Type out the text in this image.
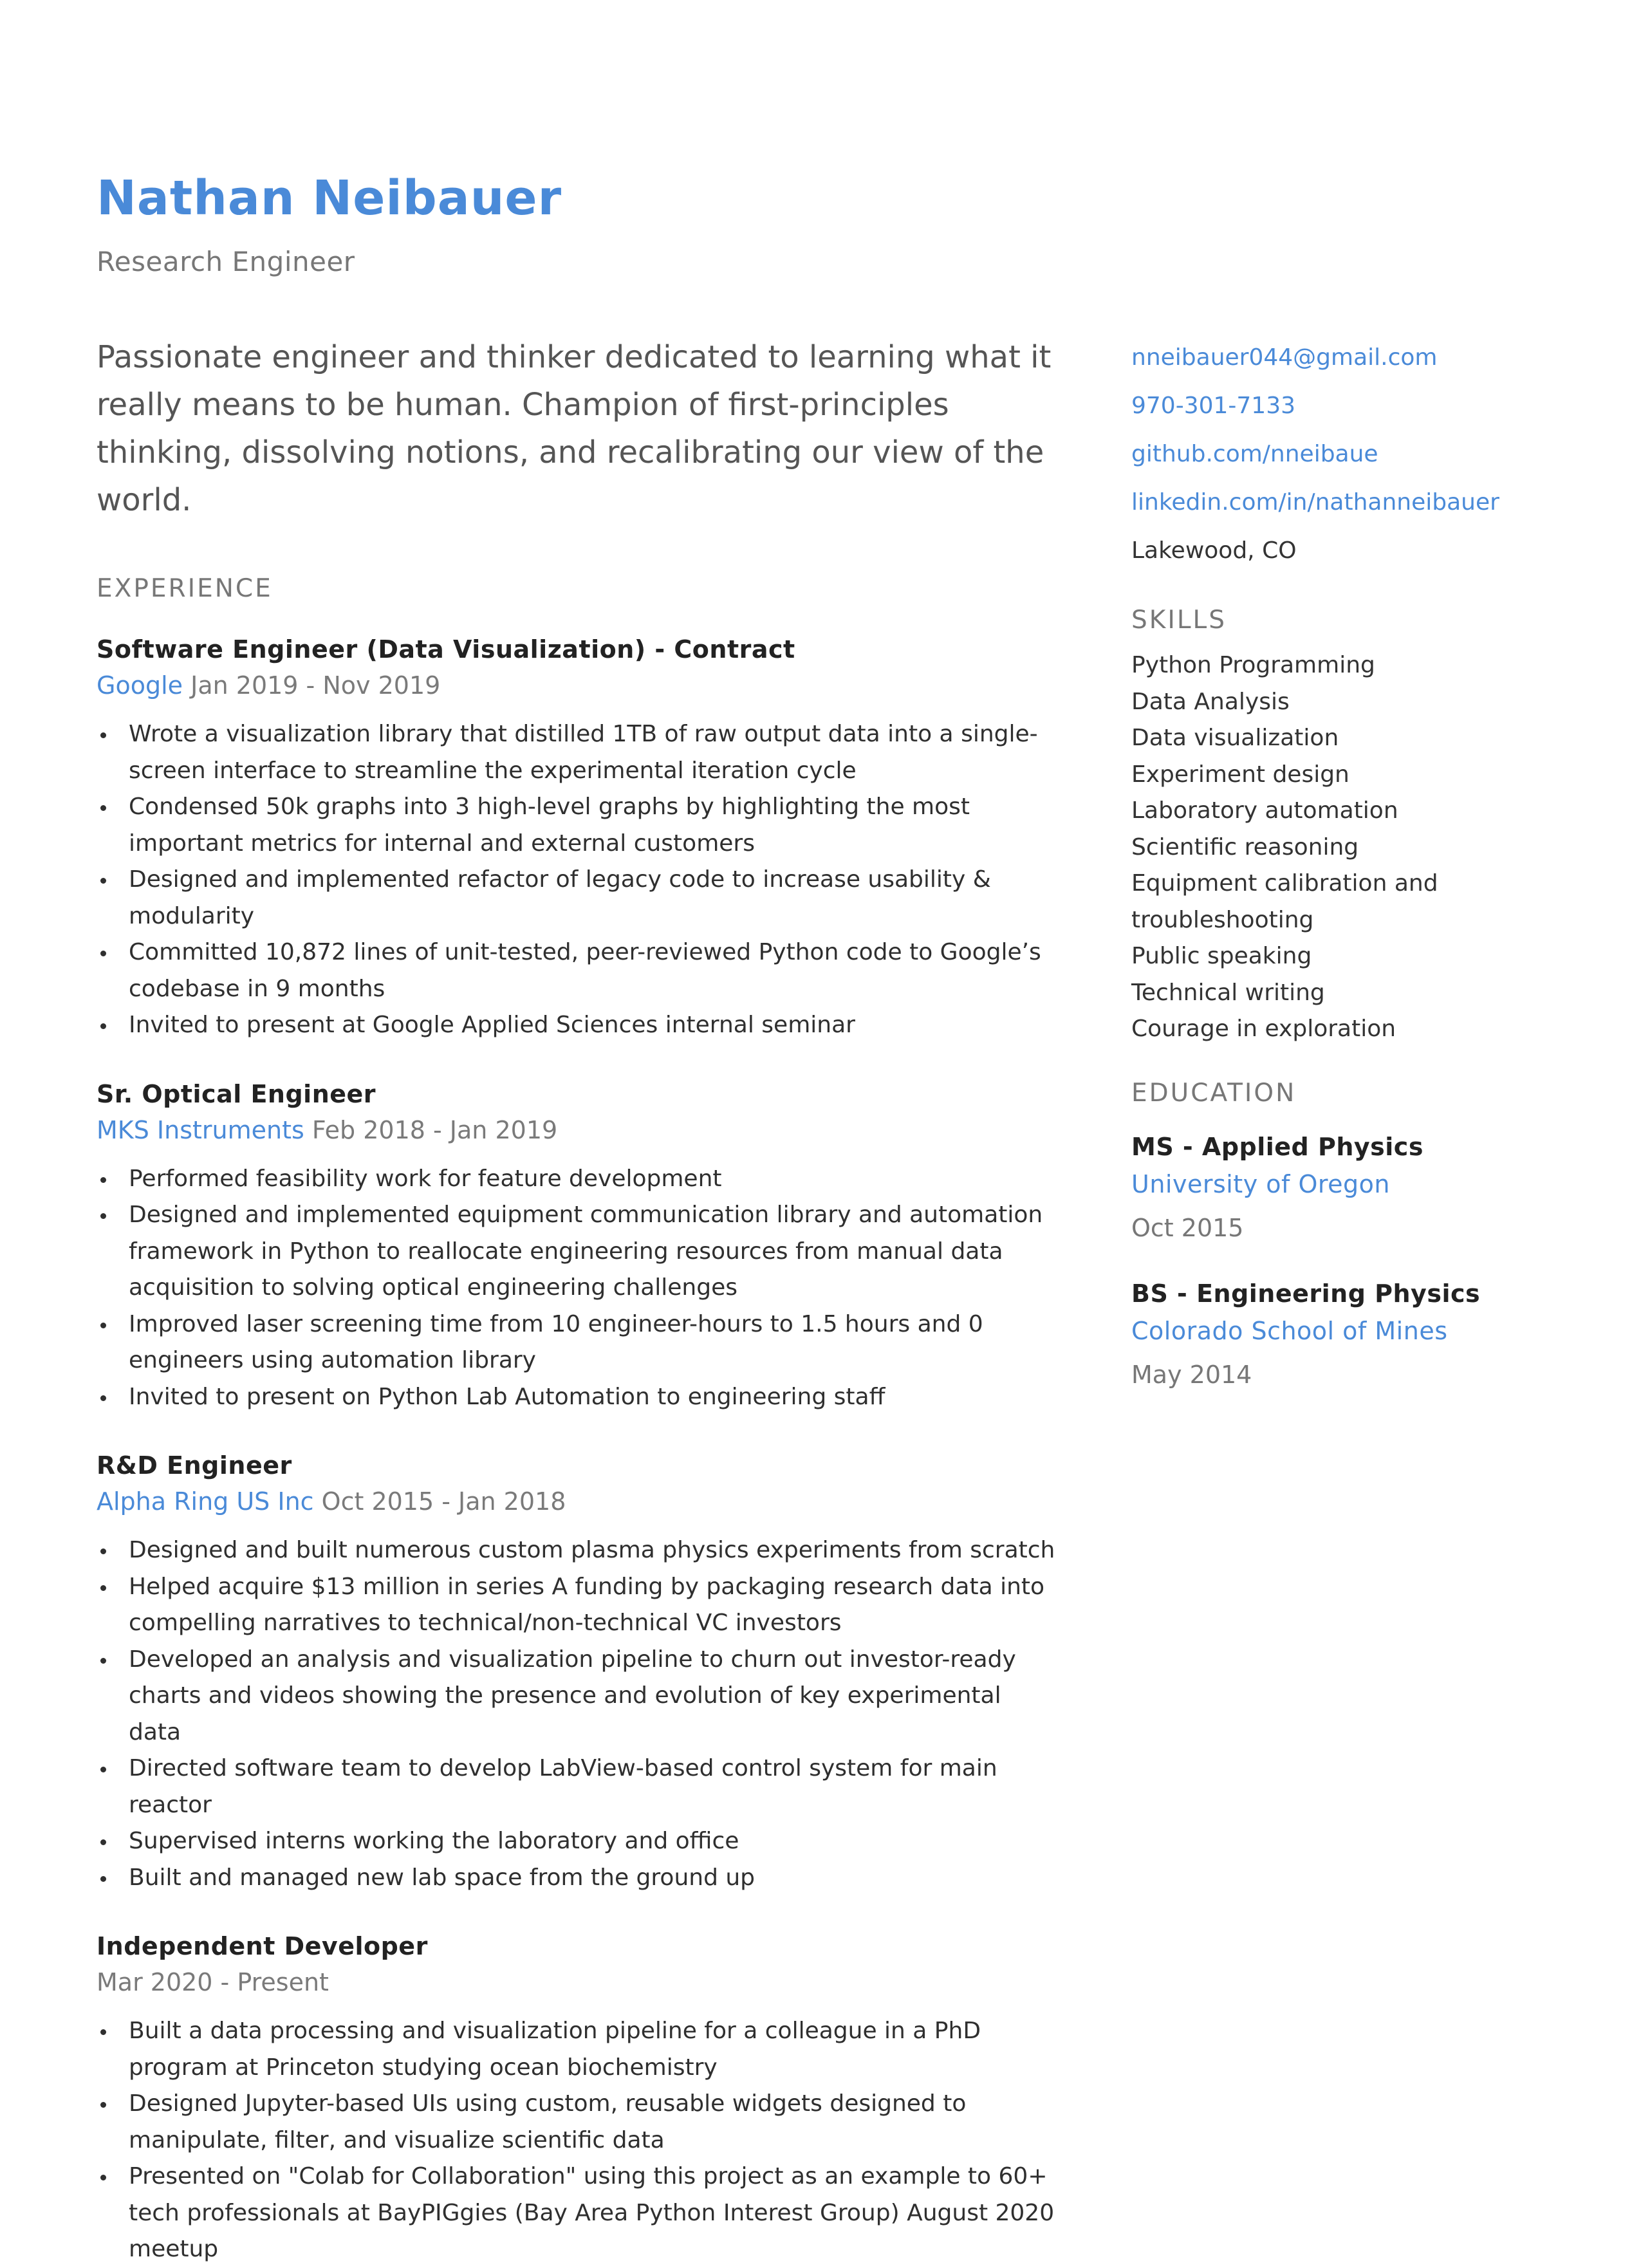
Nathan Neibauer
Research Engineer

Passionate engineer and thinker dedicated to learning what it really means to be human. Champion of first-principles thinking, dissolving notions, and recalibrating our view of the world.

EXPERIENCE
Software Engineer (Data Visualization) - Contract
Google Jan 2019 - Nov 2019
Wrote a visualization library that distilled 1TB of raw output data into a single-screen interface to streamline the experimental iteration cycle
Condensed 50k graphs into 3 high-level graphs by highlighting the most important metrics for internal and external customers
Designed and implemented refactor of legacy code to increase usability & modularity
Committed 10,872 lines of unit-tested, peer-reviewed Python code to Google’s codebase in 9 months
Invited to present at Google Applied Sciences internal seminar
Sr. Optical Engineer
MKS Instruments Feb 2018 - Jan 2019
Performed feasibility work for feature development
Designed and implemented equipment communication library and automation framework in Python to reallocate engineering resources from manual data acquisition to solving optical engineering challenges
Improved laser screening time from 10 engineer-hours to 1.5 hours and 0 engineers using automation library
Invited to present on Python Lab Automation to engineering staff
R&D Engineer
Alpha Ring US Inc Oct 2015 - Jan 2018
Designed and built numerous custom plasma physics experiments from scratch
Helped acquire $13 million in series A funding by packaging research data into compelling narratives to technical/non-technical VC investors
Developed an analysis and visualization pipeline to churn out investor-ready charts and videos showing the presence and evolution of key experimental data
Directed software team to develop LabView-based control system for main reactor
Supervised interns working the laboratory and office
Built and managed new lab space from the ground up
Independent Developer
Mar 2020 - Present
Built a data processing and visualization pipeline for a colleague in a PhD program at Princeton studying ocean biochemistry
Designed Jupyter-based UIs using custom, reusable widgets designed to manipulate, filter, and visualize scientific data
Presented on "Colab for Collaboration" using this project as an example to 60+ tech professionals at BayPIGgies (Bay Area Python Interest Group) August 2020 meetup
nneibauer044@gmail.com
970-301-7133
github.com/nneibaue
linkedin.com/in/nathanneibauer
Lakewood, CO
SKILLS
Python Programming
Data Analysis
Data visualization
Experiment design
Laboratory automation
Scientific reasoning
Equipment calibration and troubleshooting
Public speaking
Technical writing
Courage in exploration
EDUCATION
MS - Applied Physics
University of Oregon
Oct 2015
BS - Engineering Physics
Colorado School of Mines
May 2014
